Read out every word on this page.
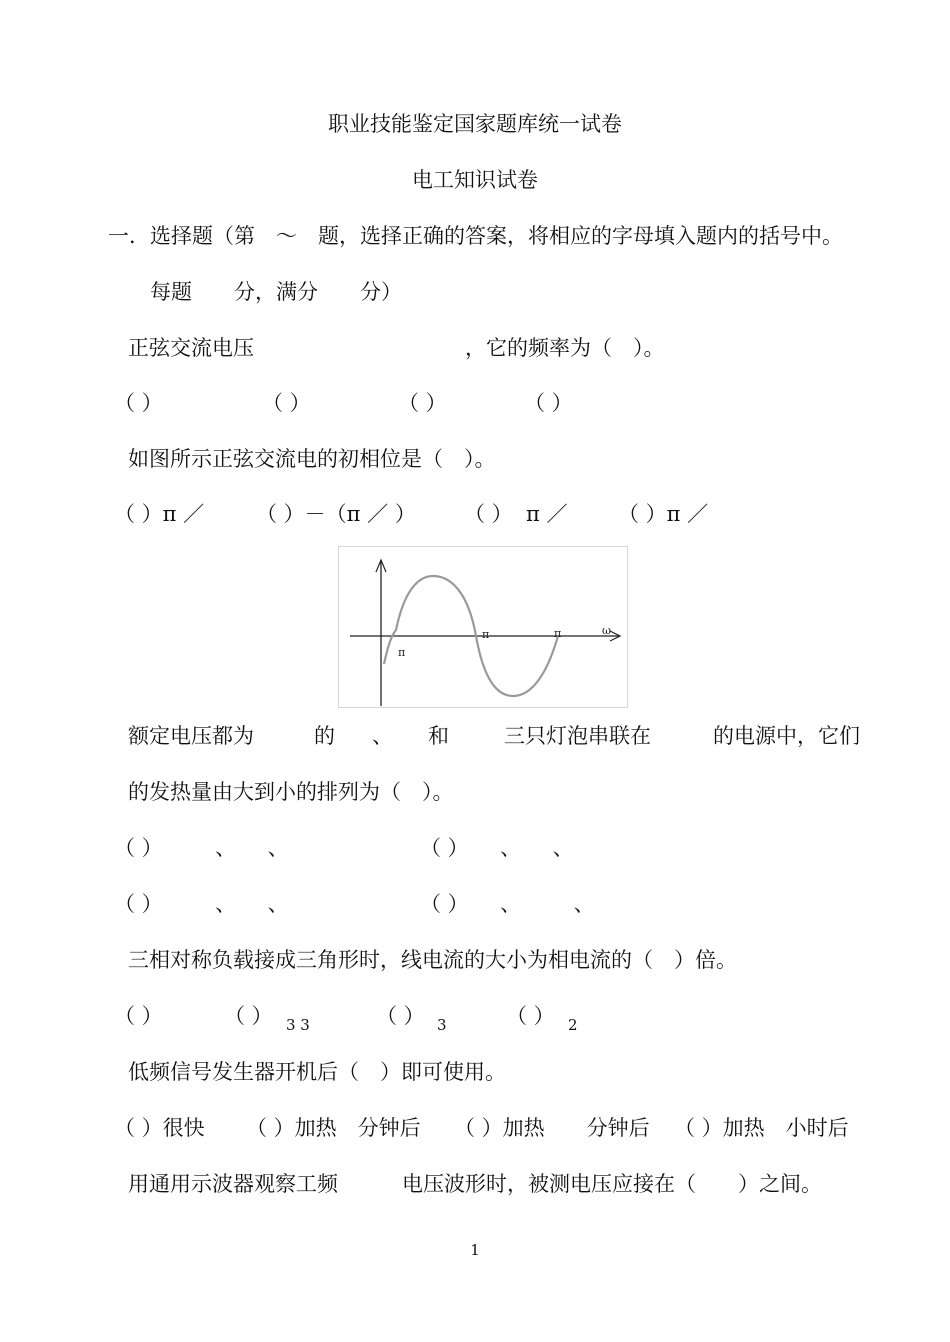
职业技能鉴定国家题库统一试卷
电工知识试卷
一．选择题（第　～　题，选择正确的答案，将相应的字母填入题内的括号中。
每题　　分，满分　　分）
正弦交流电压	，它的频率为（　）。
（ ）	（ ）	（ ）	（ ）
如图所示正弦交流电的初相位是（　）。
（ ）π ／ （ ）－（π ／ ） （ ）  π ／ （ ）π ／
π
π	π	ω
额定电压都为	的 、 和	三只灯泡串联在	的电源中，它们
的发热量由大到小的排列为（　）。
（ ）　　　、　　、	（ ）　　、　　、
（ ）　　　、　　、	（ ）　　、　　　、
三相对称负载接成三角形时，线电流的大小为相电流的（　）倍。
（ ）	（ ） 3 3	（ ） 3	（ ） 2
低频信号发生器开机后（　）即可使用。
（ ）很快 （ ）加热　分钟后 （ ）加热　　分钟后 （ ）加热　小时后
用通用示波器观察工频	电压波形时，被测电压应接在（　　）之间。
1
